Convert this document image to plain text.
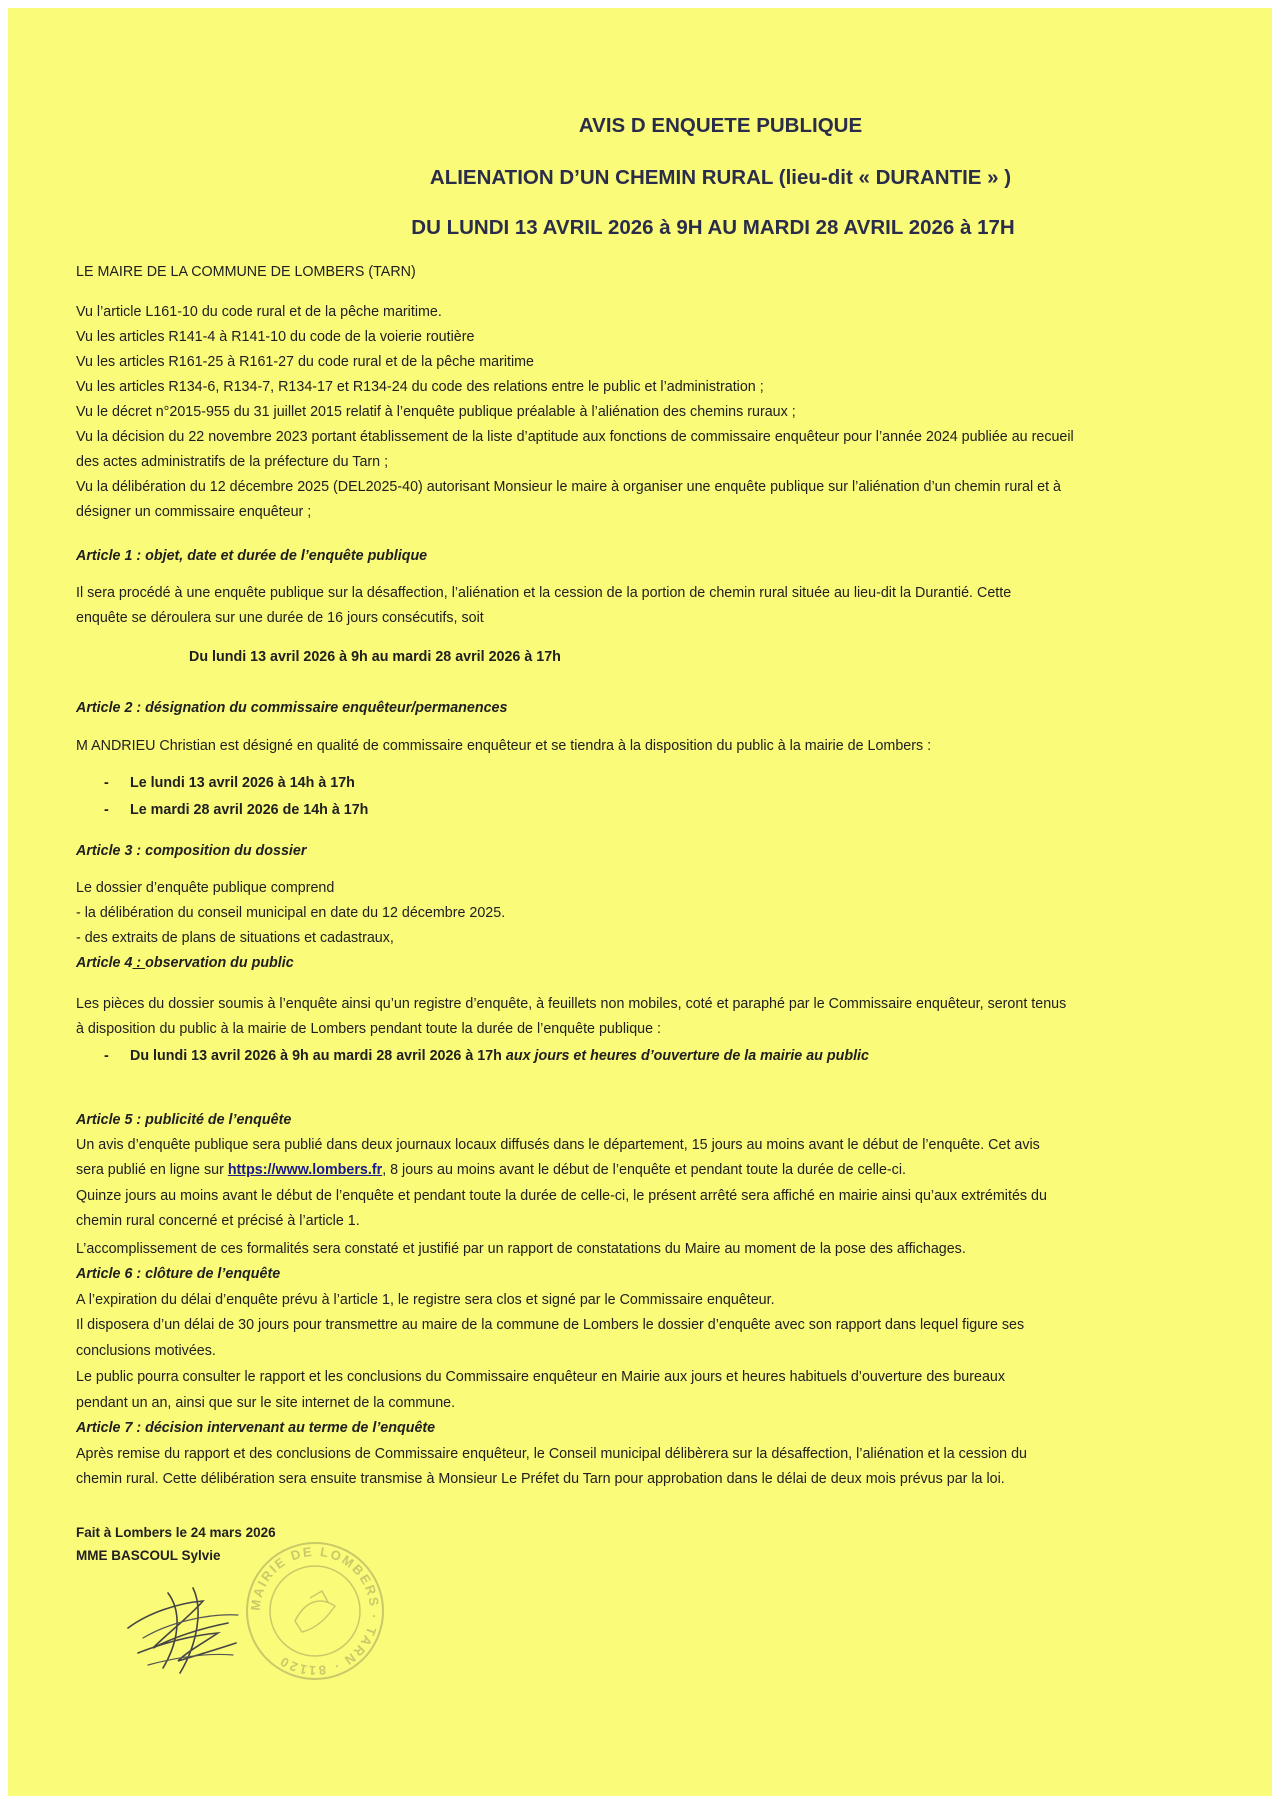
AVIS D ENQUETE PUBLIQUE
ALIENATION D’UN CHEMIN RURAL (lieu-dit « DURANTIE » )
DU LUNDI 13 AVRIL 2026 à 9H AU MARDI 28 AVRIL 2026 à 17H
LE MAIRE DE LA COMMUNE DE LOMBERS (TARN)
Vu l’article L161-10 du code rural et de la pêche maritime.
Vu les articles R141-4 à R141-10 du code de la voierie routière
Vu les articles R161-25 à R161-27 du code rural et de la pêche maritime
Vu les articles R134-6, R134-7, R134-17 et R134-24 du code des relations entre le public et l’administration ;
Vu le décret n°2015-955 du 31 juillet 2015 relatif à l’enquête publique préalable à l’aliénation des chemins ruraux ;
Vu la décision du 22 novembre 2023 portant établissement de la liste d’aptitude aux fonctions de commissaire enquêteur pour l’année 2024 publiée au recueil
des actes administratifs de la préfecture du Tarn ;
Vu la délibération du 12 décembre 2025 (DEL2025-40) autorisant Monsieur le maire à organiser une enquête publique sur l’aliénation d’un chemin rural et à
désigner un commissaire enquêteur ;
Article 1 : objet, date et durée de l’enquête publique
Il sera procédé à une enquête publique sur la désaffection, l’aliénation et la cession de la portion de chemin rural située au lieu-dit la Durantié. Cette
enquête se déroulera sur une durée de 16 jours consécutifs, soit
Du lundi 13 avril 2026 à 9h au mardi 28 avril 2026 à 17h
Article 2 : désignation du commissaire enquêteur/permanences
M ANDRIEU Christian est désigné en qualité de commissaire enquêteur et se tiendra à la disposition du public à la mairie de Lombers :
- Le lundi 13 avril 2026 à 14h à 17h
- Le mardi 28 avril 2026 de 14h à 17h
Article 3 : composition du dossier
Le dossier d’enquête publique comprend
- la délibération du conseil municipal en date du 12 décembre 2025.
- des extraits de plans de situations et cadastraux,
Article 4 : observation du public
Les pièces du dossier soumis à l’enquête ainsi qu’un registre d’enquête, à feuillets non mobiles, coté et paraphé par le Commissaire enquêteur, seront tenus
à disposition du public à la mairie de Lombers pendant toute la durée de l’enquête publique :
- Du lundi 13 avril 2026 à 9h au mardi 28 avril 2026 à 17h aux jours et heures d’ouverture de la mairie au public
Article 5 : publicité de l’enquête
Un avis d’enquête publique sera publié dans deux journaux locaux diffusés dans le département, 15 jours au moins avant le début de l’enquête. Cet avis
sera publié en ligne sur https://www.lombers.fr, 8 jours au moins avant le début de l’enquête et pendant toute la durée de celle-ci.
Quinze jours au moins avant le début de l’enquête et pendant toute la durée de celle-ci, le présent arrêté sera affiché en mairie ainsi qu’aux extrémités du
chemin rural concerné et précisé à l’article 1.
L’accomplissement de ces formalités sera constaté et justifié par un rapport de constatations du Maire au moment de la pose des affichages.
Article 6 : clôture de l’enquête
A l’expiration du délai d’enquête prévu à l’article 1, le registre sera clos et signé par le Commissaire enquêteur.
Il disposera d’un délai de 30 jours pour transmettre au maire de la commune de Lombers le dossier d’enquête avec son rapport dans lequel figure ses
conclusions motivées.
Le public pourra consulter le rapport et les conclusions du Commissaire enquêteur en Mairie aux jours et heures habituels d’ouverture des bureaux
pendant un an, ainsi que sur le site internet de la commune.
Article 7 : décision intervenant au terme de l’enquête
Après remise du rapport et des conclusions de Commissaire enquêteur, le Conseil municipal délibèrera sur la désaffection, l’aliénation et la cession du
chemin rural. Cette délibération sera ensuite transmise à Monsieur Le Préfet du Tarn pour approbation dans le délai de deux mois prévus par la loi.
Fait à Lombers le 24 mars 2026
MME BASCOUL Sylvie
MAIRIE DE LOMBERS · TARN · 81120
